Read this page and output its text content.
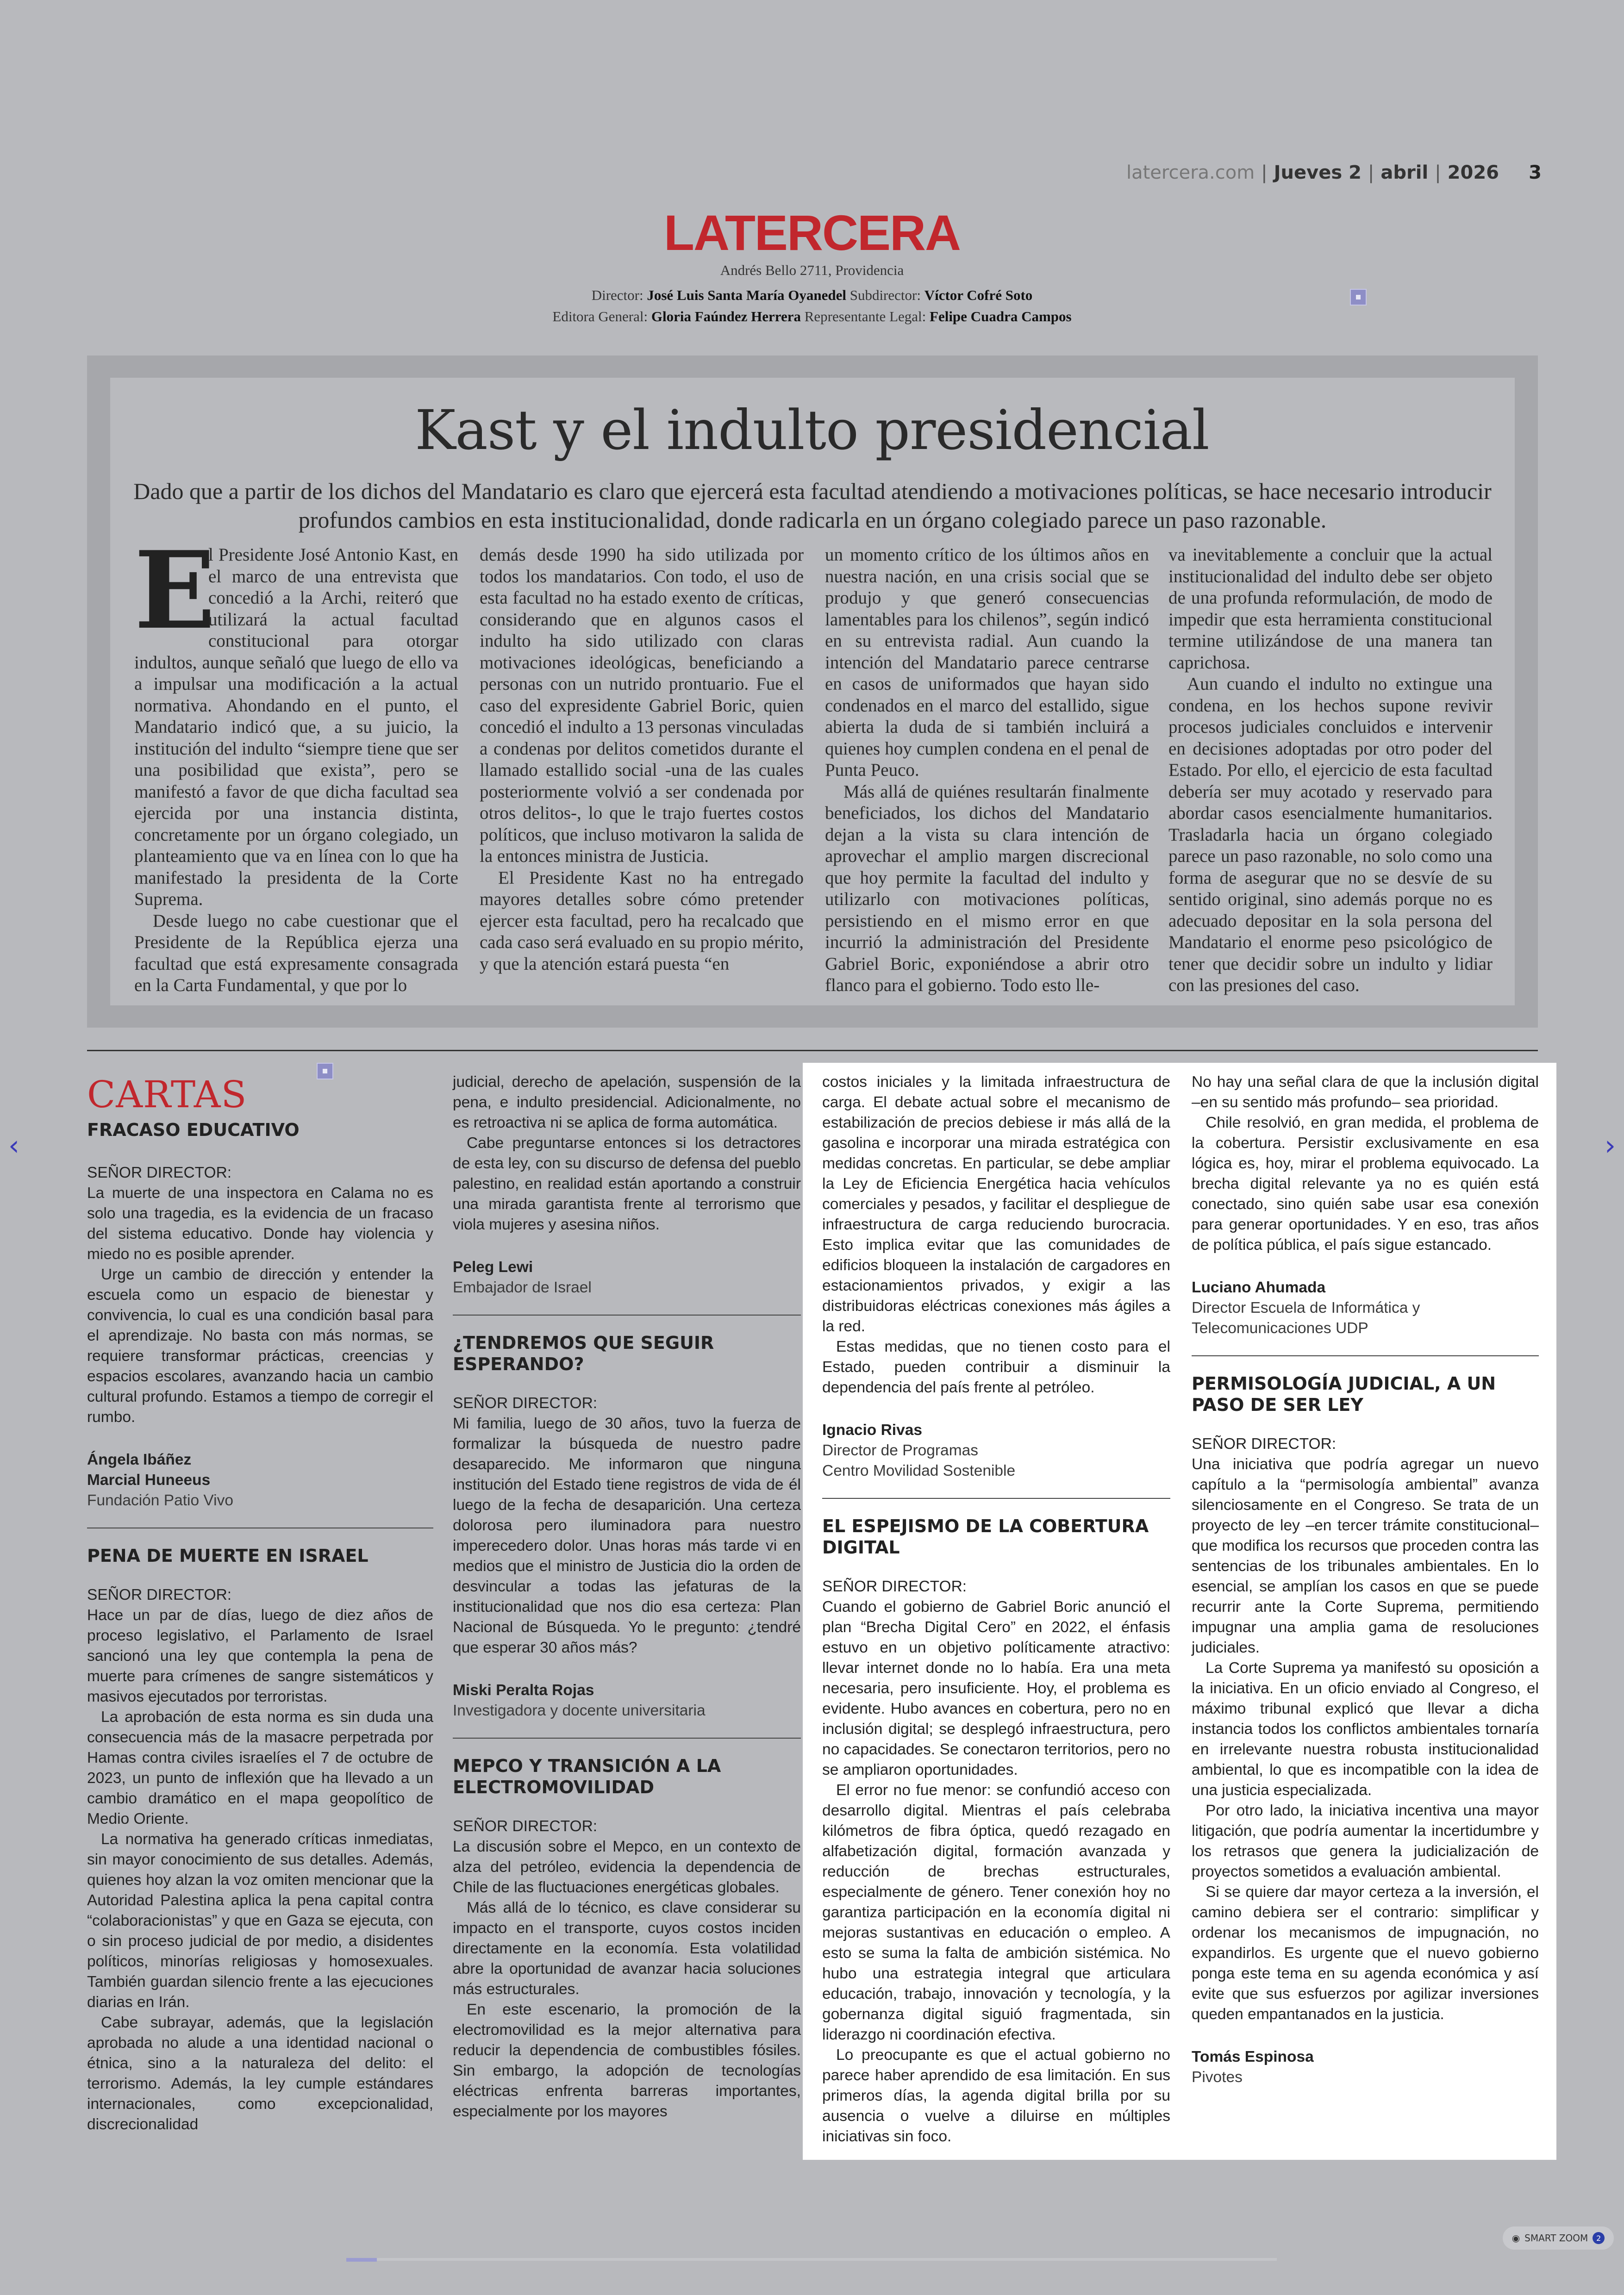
latercera.com | Jueves 2 | abril | 2026 3
LATERCERA
Andrés Bello 2711, Providencia
Director: José Luis Santa María Oyanedel Subdirector: Víctor Cofré Soto
Editora General: Gloria Faúndez Herrera Representante Legal: Felipe Cuadra Campos
Kast y el indulto presidencial
Dado que a partir de los dichos del Mandatario es claro que ejercerá esta facultad atendiendo a motivaciones políticas, se hace necesario introducir profundos cambios en esta institucionalidad, donde radicarla en un órgano colegiado parece un paso razonable.
E

l Presidente José Antonio Kast, en el marco de una entrevista que concedió a la Archi, reiteró que utilizará la actual facultad constitucional para otorgar indultos, aunque señaló que luego de ello va a impulsar una modificación a la actual normativa. Ahondando en el punto, el Mandatario indicó que, a su juicio, la institución del indulto “siempre tiene que ser una posibilidad que exista”, pero se manifestó a favor de que dicha facultad sea ejercida por una instancia distinta, concretamente por un órgano colegiado, un planteamiento que va en línea con lo que ha manifestado la presidenta de la Corte Suprema.

Desde luego no cabe cuestionar que el Presidente de la República ejerza una facultad que está expresamente consagrada en la Carta Fundamental, y que por lo

demás desde 1990 ha sido utilizada por todos los mandatarios. Con todo, el uso de esta facultad no ha estado exento de críticas, considerando que en algunos casos el indulto ha sido utilizado con claras motivaciones ideológicas, beneficiando a personas con un nutrido prontuario. Fue el caso del expresidente Gabriel Boric, quien concedió el indulto a 13 personas vinculadas a condenas por delitos cometidos durante el llamado estallido social -una de las cuales posteriormente volvió a ser condenada por otros delitos-, lo que le trajo fuertes costos políticos, que incluso motivaron la salida de la entonces ministra de Justicia.

El Presidente Kast no ha entregado mayores detalles sobre cómo pretender ejercer esta facultad, pero ha recalcado que cada caso será evaluado en su propio mérito, y que la atención estará puesta “en

un momento crítico de los últimos años en nuestra nación, en una crisis social que se produjo y que generó consecuencias lamentables para los chilenos”, según indicó en su entrevista radial. Aun cuando la intención del Mandatario parece centrarse en casos de uniformados que hayan sido condenados en el marco del estallido, sigue abierta la duda de si también incluirá a quienes hoy cumplen condena en el penal de Punta Peuco.

Más allá de quiénes resultarán finalmente beneficiados, los dichos del Mandatario dejan a la vista su clara intención de aprovechar el amplio margen discrecional que hoy permite la facultad del indulto y utilizarlo con motivaciones políticas, persistiendo en el mismo error en que incurrió la administración del Presidente Gabriel Boric, exponiéndose a abrir otro flanco para el gobierno. Todo esto lle-

va inevitablemente a concluir que la actual institucionalidad del indulto debe ser objeto de una profunda reformulación, de modo de impedir que esta herramienta constitucional termine utilizándose de una manera tan caprichosa.

Aun cuando el indulto no extingue una condena, en los hechos supone revivir procesos judiciales concluidos e intervenir en decisiones adoptadas por otro poder del Estado. Por ello, el ejercicio de esta facultad debería ser muy acotado y reservado para abordar casos esencialmente humanitarios. Trasladarla hacia un órgano colegiado parece un paso razonable, no solo como una forma de asegurar que no se desvíe de su sentido original, sino además porque no es adecuado depositar en la sola persona del Mandatario el enorme peso psicológico de tener que decidir sobre un indulto y lidiar con las presiones del caso.

CARTAS
FRACASO EDUCATIVO

SEÑOR DIRECTOR:

La muerte de una inspectora en Calama no es solo una tragedia, es la evidencia de un fracaso del sistema educativo. Donde hay violencia y miedo no es posible aprender.

Urge un cambio de dirección y entender la escuela como un espacio de bienestar y convivencia, lo cual es una condición basal para el aprendizaje. No basta con más normas, se requiere transformar prácticas, creencias y espacios escolares, avanzando hacia un cambio cultural profundo. Estamos a tiempo de corregir el rumbo.

Ángela Ibáñez

Marcial Huneeus

Fundación Patio Vivo

PENA DE MUERTE EN ISRAEL

SEÑOR DIRECTOR:

Hace un par de días, luego de diez años de proceso legislativo, el Parlamento de Israel sancionó una ley que contempla la pena de muerte para crímenes de sangre sistemáticos y masivos ejecutados por terroristas.

La aprobación de esta norma es sin duda una consecuencia más de la masacre perpetrada por Hamas contra civiles israelíes el 7 de octubre de 2023, un punto de inflexión que ha llevado a un cambio dramático en el mapa geopolítico de Medio Oriente.

La normativa ha generado críticas inmediatas, sin mayor conocimiento de sus detalles. Además, quienes hoy alzan la voz omiten mencionar que la Autoridad Palestina aplica la pena capital contra “colaboracionistas” y que en Gaza se ejecuta, con o sin proceso judicial de por medio, a disidentes políticos, minorías religiosas y homosexuales. También guardan silencio frente a las ejecuciones diarias en Irán.

Cabe subrayar, además, que la legislación aprobada no alude a una identidad nacional o étnica, sino a la naturaleza del delito: el terrorismo. Además, la ley cumple estándares internacionales, como excepcionalidad, discrecionalidad

judicial, derecho de apelación, suspensión de la pena, e indulto presidencial. Adicionalmente, no es retroactiva ni se aplica de forma automática.

Cabe preguntarse entonces si los detractores de esta ley, con su discurso de defensa del pueblo palestino, en realidad están aportando a construir una mirada garantista frente al terrorismo que viola mujeres y asesina niños.

Peleg Lewi

Embajador de Israel

¿TENDREMOS QUE SEGUIR ESPERANDO?

SEÑOR DIRECTOR:

Mi familia, luego de 30 años, tuvo la fuerza de formalizar la búsqueda de nuestro padre desaparecido. Me informaron que ninguna institución del Estado tiene registros de vida de él luego de la fecha de desaparición. Una certeza dolorosa pero iluminadora para nuestro imperecedero dolor. Unas horas más tarde vi en medios que el ministro de Justicia dio la orden de desvincular a todas las jefaturas de la institucionalidad que nos dio esa certeza: Plan Nacional de Búsqueda. Yo le pregunto: ¿tendré que esperar 30 años más?

Miski Peralta Rojas

Investigadora y docente universitaria

MEPCO Y TRANSICIÓN A LA ELECTROMOVILIDAD

SEÑOR DIRECTOR:

La discusión sobre el Mepco, en un contexto de alza del petróleo, evidencia la dependencia de Chile de las fluctuaciones energéticas globales.

Más allá de lo técnico, es clave considerar su impacto en el transporte, cuyos costos inciden directamente en la economía. Esta volatilidad abre la oportunidad de avanzar hacia soluciones más estructurales.

En este escenario, la promoción de la electromovilidad es la mejor alternativa para reducir la dependencia de combustibles fósiles. Sin embargo, la adopción de tecnologías eléctricas enfrenta barreras importantes, especialmente por los mayores

costos iniciales y la limitada infraestructura de carga. El debate actual sobre el mecanismo de estabilización de precios debiese ir más allá de la gasolina e incorporar una mirada estratégica con medidas concretas. En particular, se debe ampliar la Ley de Eficiencia Energética hacia vehículos comerciales y pesados, y facilitar el despliegue de infraestructura de carga reduciendo burocracia. Esto implica evitar que las comunidades de edificios bloqueen la instalación de cargadores en estacionamientos privados, y exigir a las distribuidoras eléctricas conexiones más ágiles a la red.

Estas medidas, que no tienen costo para el Estado, pueden contribuir a disminuir la dependencia del país frente al petróleo.

Ignacio Rivas

Director de Programas

Centro Movilidad Sostenible

EL ESPEJISMO DE LA COBERTURA DIGITAL

SEÑOR DIRECTOR:

Cuando el gobierno de Gabriel Boric anunció el plan “Brecha Digital Cero” en 2022, el énfasis estuvo en un objetivo políticamente atractivo: llevar internet donde no lo había. Era una meta necesaria, pero insuficiente. Hoy, el problema es evidente. Hubo avances en cobertura, pero no en inclusión digital; se desplegó infraestructura, pero no capacidades. Se conectaron territorios, pero no se ampliaron oportunidades.

El error no fue menor: se confundió acceso con desarrollo digital. Mientras el país celebraba kilómetros de fibra óptica, quedó rezagado en alfabetización digital, formación avanzada y reducción de brechas estructurales, especialmente de género. Tener conexión hoy no garantiza participación en la economía digital ni mejoras sustantivas en educación o empleo. A esto se suma la falta de ambición sistémica. No hubo una estrategia integral que articulara educación, trabajo, innovación y tecnología, y la gobernanza digital siguió fragmentada, sin liderazgo ni coordinación efectiva.

Lo preocupante es que el actual gobierno no parece haber aprendido de esa limitación. En sus primeros días, la agenda digital brilla por su ausencia o vuelve a diluirse en múltiples iniciativas sin foco.

No hay una señal clara de que la inclusión digital –en su sentido más profundo– sea prioridad.

Chile resolvió, en gran medida, el problema de la cobertura. Persistir exclusivamente en esa lógica es, hoy, mirar el problema equivocado. La brecha digital relevante ya no es quién está conectado, sino quién sabe usar esa conexión para generar oportunidades. Y en eso, tras años de política pública, el país sigue estancado.

Luciano Ahumada

Director Escuela de Informática y Telecomunicaciones UDP

PERMISOLOGÍA JUDICIAL, A UN PASO DE SER LEY

SEÑOR DIRECTOR:

Una iniciativa que podría agregar un nuevo capítulo a la “permisología ambiental” avanza silenciosamente en el Congreso. Se trata de un proyecto de ley –en tercer trámite constitucional– que modifica los recursos que proceden contra las sentencias de los tribunales ambientales. En lo esencial, se amplían los casos en que se puede recurrir ante la Corte Suprema, permitiendo impugnar una amplia gama de resoluciones judiciales.

La Corte Suprema ya manifestó su oposición a la iniciativa. En un oficio enviado al Congreso, el máximo tribunal explicó que llevar a dicha instancia todos los conflictos ambientales tornaría en irrelevante nuestra robusta institucionalidad ambiental, lo que es incompatible con la idea de una justicia especializada.

Por otro lado, la iniciativa incentiva una mayor litigación, que podría aumentar la incertidumbre y los retrasos que genera la judicialización de proyectos sometidos a evaluación ambiental.

Si se quiere dar mayor certeza a la inversión, el camino debiera ser el contrario: simplificar y ordenar los mecanismos de impugnación, no expandirlos. Es urgente que el nuevo gobierno ponga este tema en su agenda económica y así evite que sus esfuerzos por agilizar inversiones queden empantanados en la justicia.

Tomás Espinosa

Pivotes

‹	›
◉ SMART ZOOM	2
